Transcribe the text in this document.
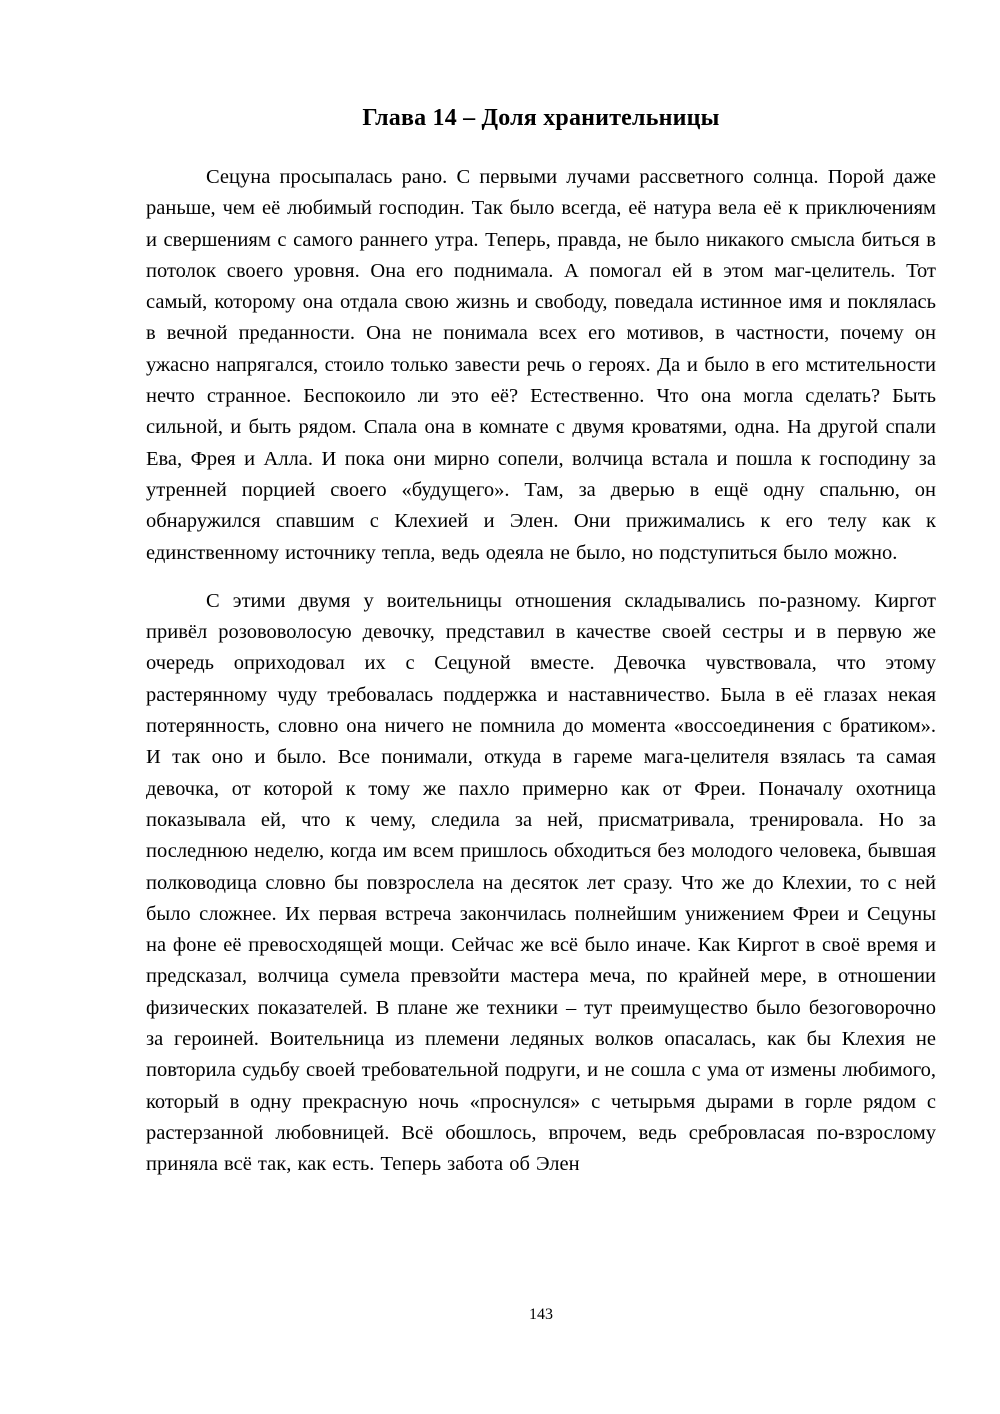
Глава 14 – Доля хранительницы

Сецуна просыпалась рано. С первыми лучами рассветного солнца. Порой даже раньше, чем её любимый господин. Так было всегда, её натура вела её к приключениям и свершениям с самого раннего утра. Теперь, правда, не было никакого смысла биться в потолок своего уровня. Она его поднимала. А помогал ей в этом маг-целитель. Тот самый, которому она отдала свою жизнь и свободу, поведала истинное имя и поклялась в вечной преданности. Она не понимала всех его мотивов, в частности, почему он ужасно напрягался, стоило только завести речь о героях. Да и было в его мстительности нечто странное. Беспокоило ли это её? Естественно. Что она могла сделать? Быть сильной, и быть рядом. Спала она в комнате с двумя кроватями, одна. На другой спали Ева, Фрея и Алла. И пока они мирно сопели, волчица встала и пошла к господину за утренней порцией своего «будущего». Там, за дверью в ещё одну спальню, он обнаружился спавшим с Клехией и Элен. Они прижимались к его телу как к единственному источнику тепла, ведь одеяла не было, но подступиться было можно.

С этими двумя у воительницы отношения складывались по-разному. Киргот привёл розововолосую девочку, представил в качестве своей сестры и в первую же очередь оприходовал их с Сецуной вместе. Девочка чувствовала, что этому растерянному чуду требовалась поддержка и наставничество. Была в её глазах некая потерянность, словно она ничего не помнила до момента «воссоединения с братиком». И так оно и было. Все понимали, откуда в гареме мага-целителя взялась та самая девочка, от которой к тому же пахло примерно как от Фреи. Поначалу охотница показывала ей, что к чему, следила за ней, присматривала, тренировала. Но за последнюю неделю, когда им всем пришлось обходиться без молодого человека, бывшая полководица словно бы повзрослела на десяток лет сразу. Что же до Клехии, то с ней было сложнее. Их первая встреча закончилась полнейшим унижением Фреи и Сецуны на фоне её превосходящей мощи. Сейчас же всё было иначе. Как Киргот в своё время и предсказал, волчица сумела превзойти мастера меча, по крайней мере, в отношении физических показателей. В плане же техники – тут преимущество было безоговорочно за героиней. Воительница из племени ледяных волков опасалась, как бы Клехия не повторила судьбу своей требовательной подруги, и не сошла с ума от измены любимого, который в одну прекрасную ночь «проснулся» с четырьмя дырами в горле рядом с растерзанной любовницей. Всё обошлось, впрочем, ведь сребровласая по-взрослому приняла всё так, как есть. Теперь забота об Элен

143
